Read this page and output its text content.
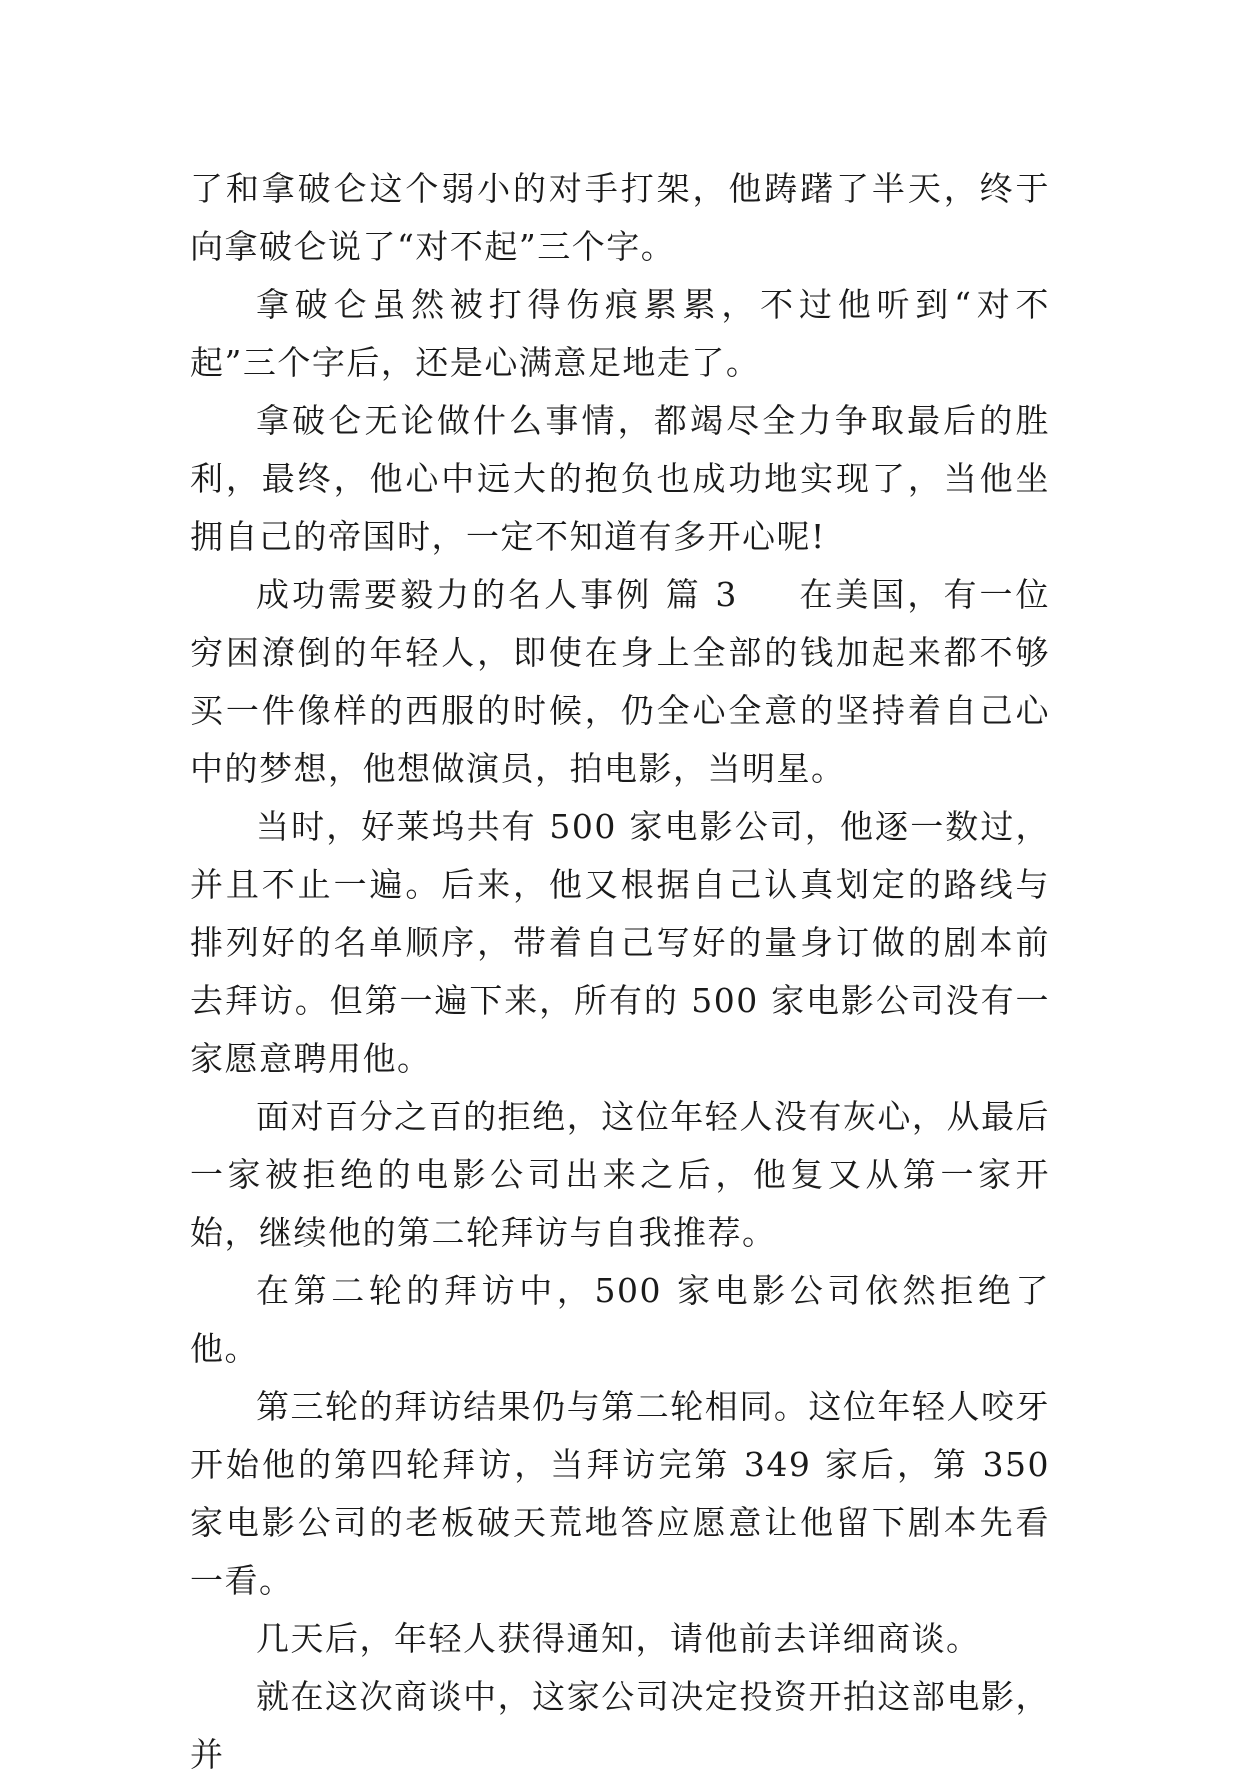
了和拿破仑这个弱小的对手打架，他踌躇了半天，终于向拿破仑说了“对不起”三个字。

拿破仑虽然被打得伤痕累累，不过他听到“对不起”三个字后，还是心满意足地走了。

拿破仑无论做什么事情，都竭尽全力争取最后的胜利，最终，他心中远大的抱负也成功地实现了，当他坐拥自己的帝国时，一定不知道有多开心呢!

成功需要毅力的名人事例 篇 3 在美国，有一位穷困潦倒的年轻人，即使在身上全部的钱加起来都不够买一件像样的西服的时候，仍全心全意的坚持着自己心中的梦想，他想做演员，拍电影，当明星。

当时，好莱坞共有 500 家电影公司，他逐一数过，并且不止一遍。后来，他又根据自己认真划定的路线与排列好的名单顺序，带着自己写好的量身订做的剧本前去拜访。但第一遍下来，所有的 500 家电影公司没有一家愿意聘用他。

面对百分之百的拒绝，这位年轻人没有灰心，从最后一家被拒绝的电影公司出来之后，他复又从第一家开始，继续他的第二轮拜访与自我推荐。

在第二轮的拜访中，500 家电影公司依然拒绝了他。

第三轮的拜访结果仍与第二轮相同。这位年轻人咬牙开始他的第四轮拜访，当拜访完第 349 家后，第 350 家电影公司的老板破天荒地答应愿意让他留下剧本先看一看。

几天后，年轻人获得通知，请他前去详细商谈。

就在这次商谈中，这家公司决定投资开拍这部电影，并
